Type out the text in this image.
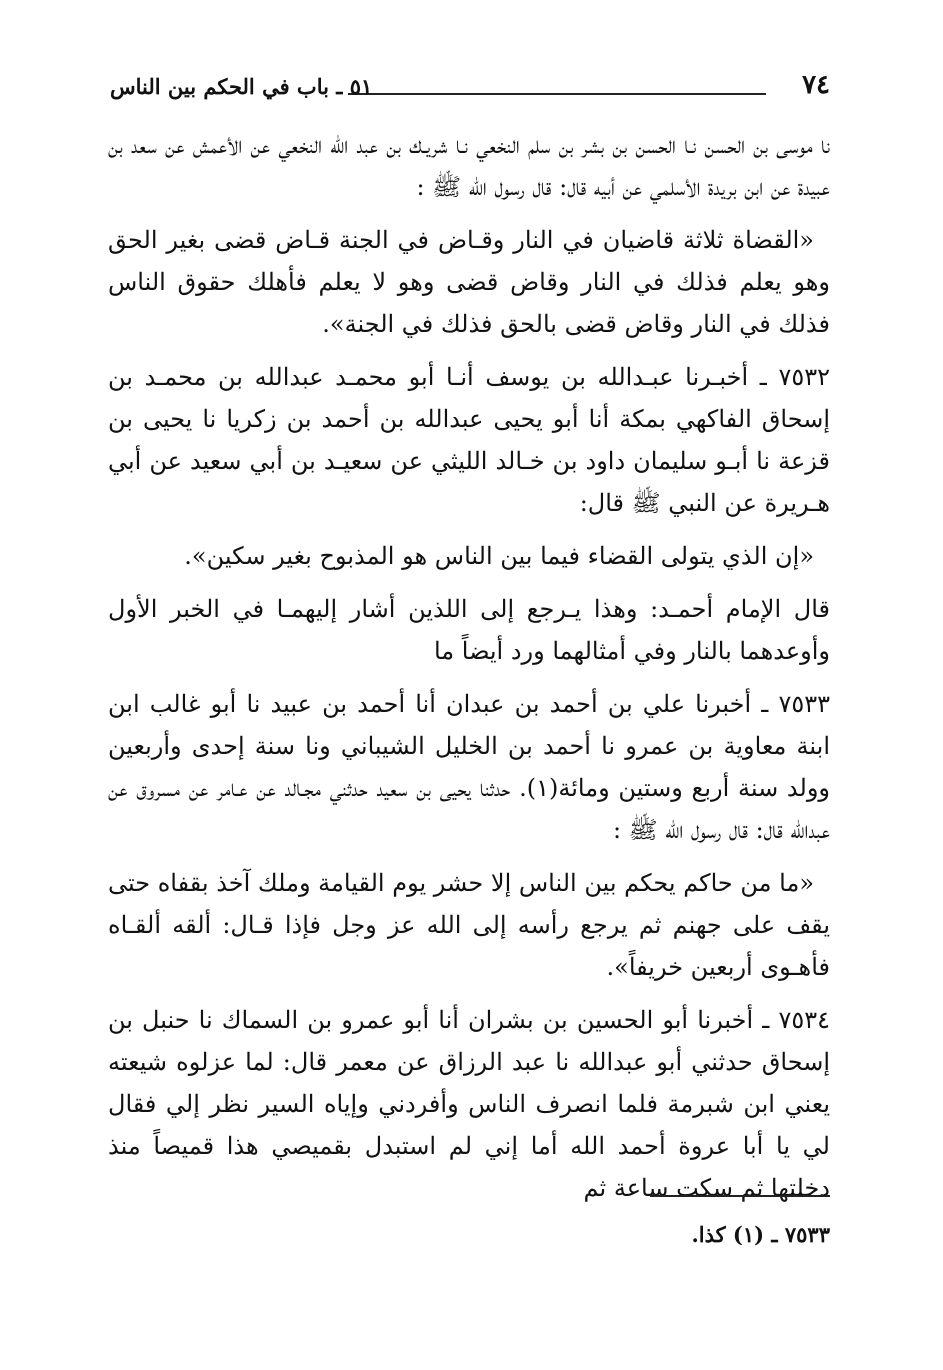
٧٤
٥١ ـ باب في الحكم بين الناس

نا موسى بن الحسن نـا الحسن بن بشر بن سلم النخعي نـا شريـك بن عبد الله النخعي عن الأعمش عن سعد بن عبيدة عن ابن بريدة الأسلمي عن أبيه قال: قال رسول الله ﷺ :

«القضاة ثلاثة قاضيان في النار وقـاض في الجنة قـاض قضى بغير الحق وهو يعلم فذلك في النار وقاض قضى وهو لا يعلم فأهلك حقوق الناس فذلك في النار وقاض قضى بالحق فذلك في الجنة».

٧٥٣٢ ـ أخبـرنا عبـدالله بن يوسف أنـا أبو محمـد عبدالله بن محمـد بن إسحاق الفاكهي بمكة أنا أبو يحيى عبدالله بن أحمد بن زكريا نا يحيى بن قزعة نا أبـو سليمان داود بن خـالد الليثي عن سعيـد بن أبي سعيد عن أبي هـريرة عن النبي ﷺ قال:

«إن الذي يتولى القضاء فيما بين الناس هو المذبوح بغير سكين».

قال الإمام أحمـد: وهذا يـرجع إلى اللذين أشار إليهمـا في الخبر الأول وأوعدهما بالنار وفي أمثالهما ورد أيضاً ما

٧٥٣٣ ـ أخبرنا علي بن أحمد بن عبدان أنا أحمد بن عبيد نا أبو غالب ابن ابنة معاوية بن عمرو نا أحمد بن الخليل الشيباني ونا سنة إحدى وأربعين وولد سنة أربع وستين ومائة(١). حدثنا يحيى بن سعيد حدثني مجـالد عن عـامر عن مسروق عن عبدالله قال: قال رسول الله ﷺ :

«ما من حاكم يحكم بين الناس إلا حشر يوم القيامة وملك آخذ بقفاه حتى يقف على جهنم ثم يرجع رأسه إلى الله عز وجل فإذا قـال: ألقه ألقـاه فأهـوى أربعين خريفاً».

٧٥٣٤ ـ أخبرنا أبو الحسين بن بشران أنا أبو عمرو بن السماك نا حنبل بن إسحاق حدثني أبو عبدالله نا عبد الرزاق عن معمر قال: لما عزلوه شيعته يعني ابن شبرمة فلما انصرف الناس وأفردني وإياه السير نظر إلي فقال لي يا أبا عروة أحمد الله أما إني لم استبدل بقميصي هذا قميصاً منذ دخلتها ثم سكت ساعة ثم

٧٥٣٣ ـ (١) كذا.
